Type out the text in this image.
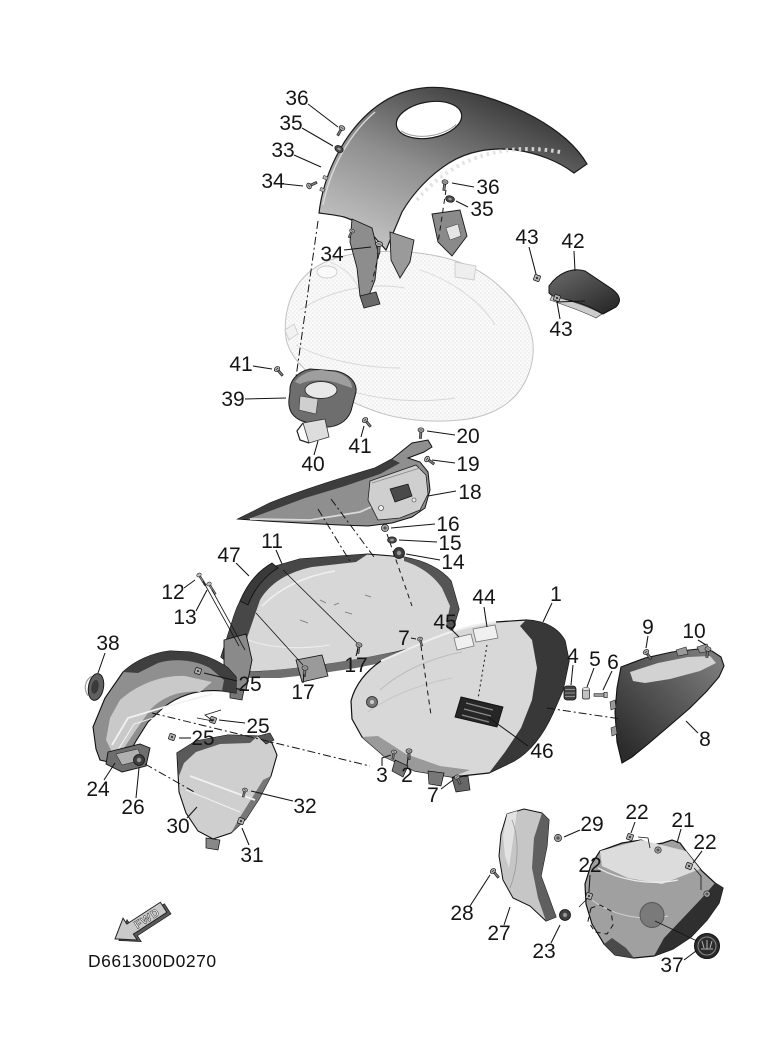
36
35
33
34	36
35
34
43 42
43
41
39
40
41	20
19
18
16
15
14
47
11
12
13
17
17
38
25
25
25
24
26
30
31
32
44
45
1
7
4 5 6
9 10
8
46
3 2
7
29
22 21
22
22
28
27
23
37
FWD
D661300D0270
